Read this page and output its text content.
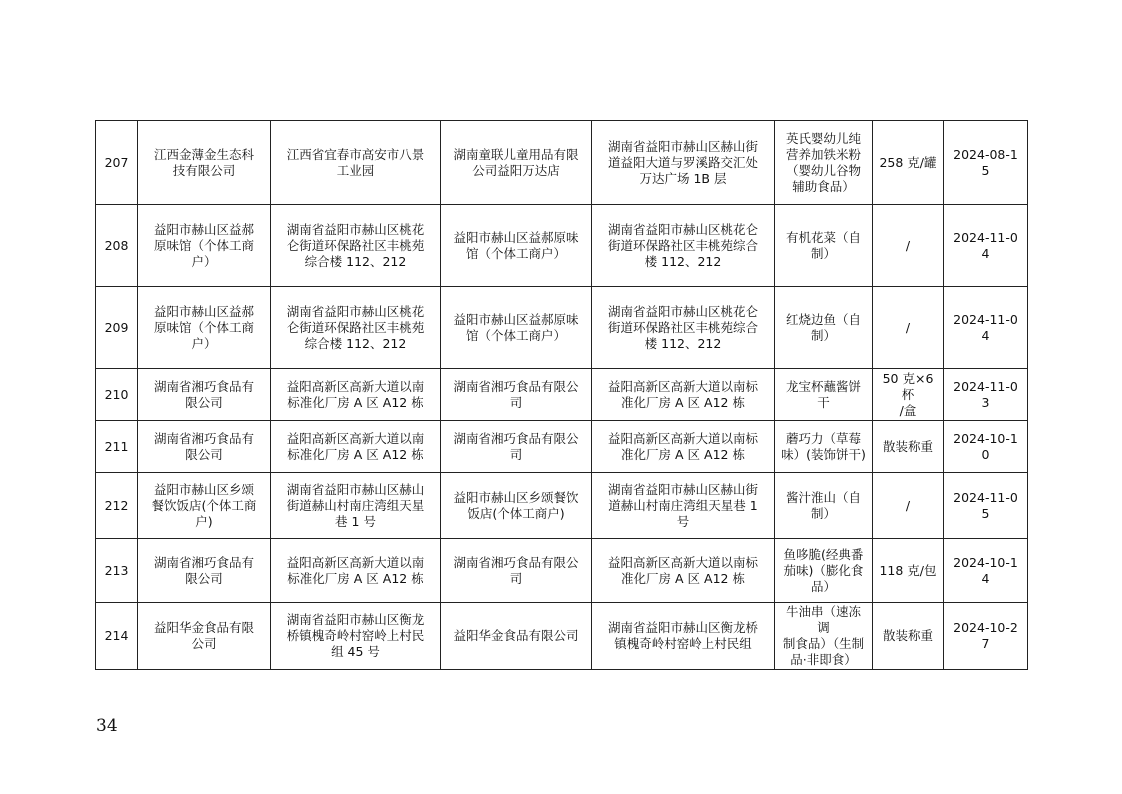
207	江西金薄金生态科
技有限公司	江西省宜春市高安市八景
工业园	湖南童联儿童用品有限
公司益阳万达店	湖南省益阳市赫山区赫山街
道益阳大道与罗溪路交汇处
万达广场 1B 层	英氏婴幼儿纯
营养加铁米粉
（婴幼儿谷物
辅助食品）	258 克/罐	2024-08-15
208	益阳市赫山区益郝
原味馆（个体工商
户）	湖南省益阳市赫山区桃花
仑街道环保路社区丰桃苑
综合楼 112、212	益阳市赫山区益郝原味
馆（个体工商户）	湖南省益阳市赫山区桃花仑
街道环保路社区丰桃苑综合
楼 112、212	有机花菜（自
制）	/	2024-11-04
209	益阳市赫山区益郝
原味馆（个体工商
户）	湖南省益阳市赫山区桃花
仑街道环保路社区丰桃苑
综合楼 112、212	益阳市赫山区益郝原味
馆（个体工商户）	湖南省益阳市赫山区桃花仑
街道环保路社区丰桃苑综合
楼 112、212	红烧边鱼（自
制）	/	2024-11-04
210	湖南省湘巧食品有
限公司	益阳高新区高新大道以南
标准化厂房 A 区 A12 栋	湖南省湘巧食品有限公
司	益阳高新区高新大道以南标
准化厂房 A 区 A12 栋	龙宝杯蘸酱饼
干	50 克×6 杯
/盒	2024-11-03
211	湖南省湘巧食品有
限公司	益阳高新区高新大道以南
标准化厂房 A 区 A12 栋	湖南省湘巧食品有限公
司	益阳高新区高新大道以南标
准化厂房 A 区 A12 栋	蘑巧力（草莓
味）(装饰饼干)	散装称重	2024-10-10
212	益阳市赫山区乡颂
餐饮饭店(个体工商
户)	湖南省益阳市赫山区赫山
街道赫山村南庄湾组天星
巷 1 号	益阳市赫山区乡颂餐饮
饭店(个体工商户)	湖南省益阳市赫山区赫山街
道赫山村南庄湾组天星巷 1
号	酱汁淮山（自
制）	/	2024-11-05
213	湖南省湘巧食品有
限公司	益阳高新区高新大道以南
标准化厂房 A 区 A12 栋	湖南省湘巧食品有限公
司	益阳高新区高新大道以南标
准化厂房 A 区 A12 栋	鱼哆脆(经典番
茄味)（膨化食
品）	118 克/包	2024-10-14
214	益阳华金食品有限
公司	湖南省益阳市赫山区衡龙
桥镇槐奇岭村窑岭上村民
组 45 号	益阳华金食品有限公司	湖南省益阳市赫山区衡龙桥
镇槐奇岭村窑岭上村民组	牛油串（速冻调
制食品）（生制
品·非即食）	散装称重	2024-10-27
34
